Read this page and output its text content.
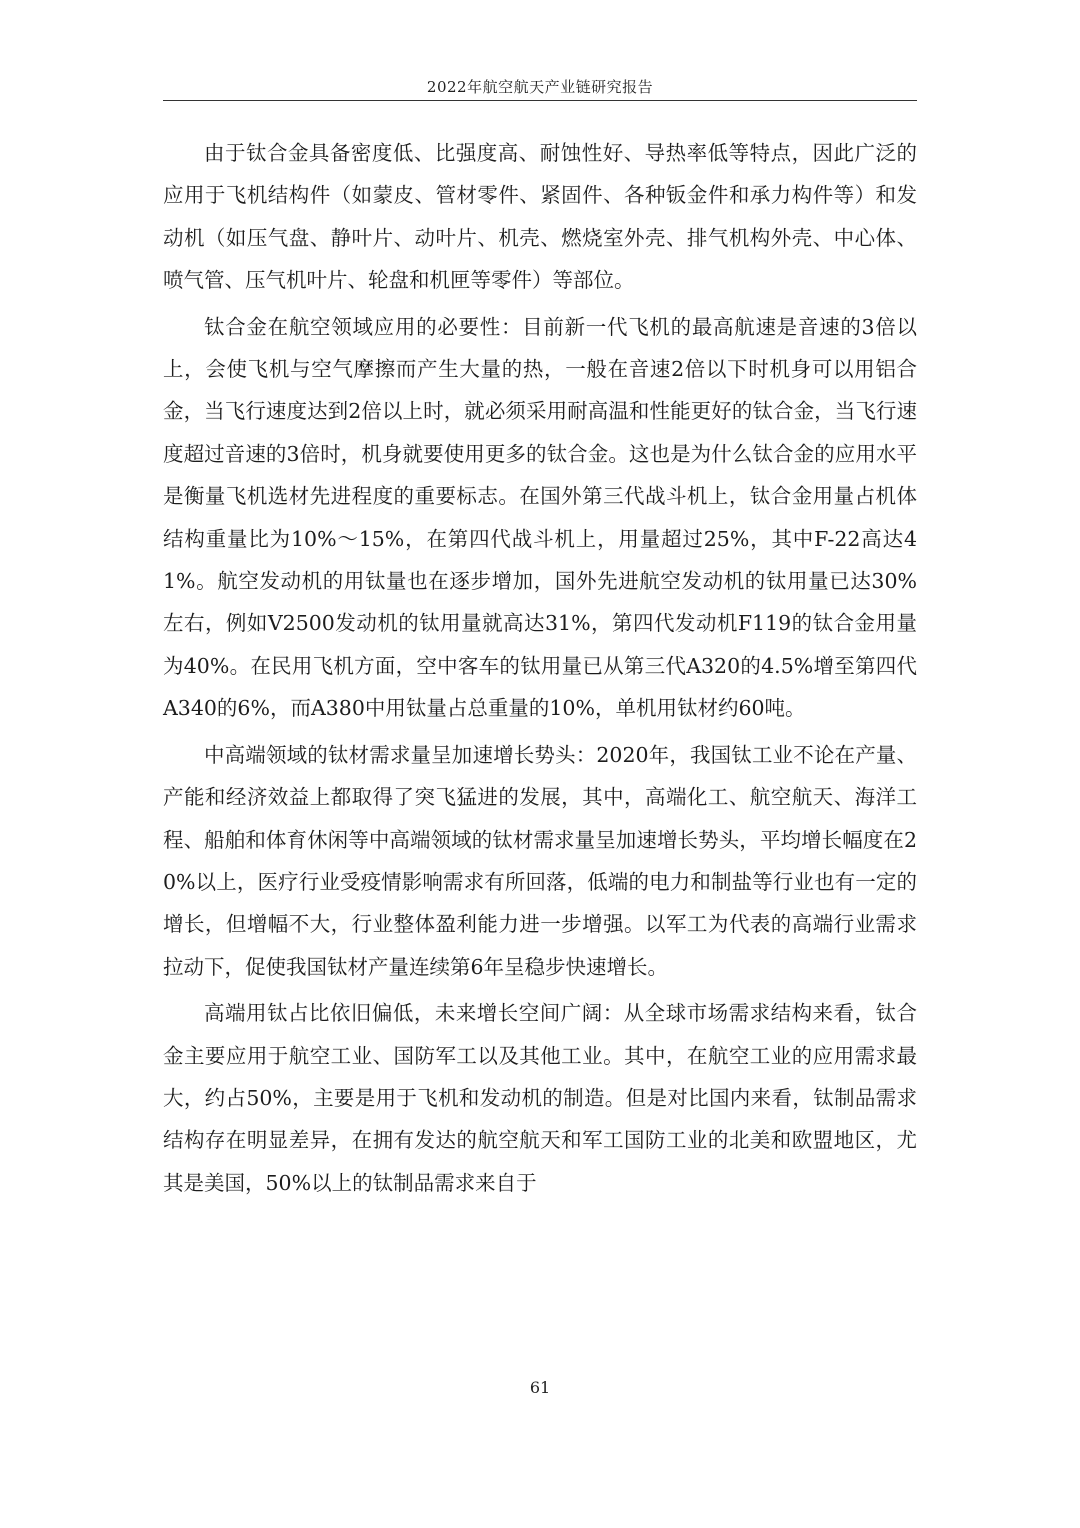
2022年航空航天产业链研究报告

由于钛合金具备密度低、比强度高、耐蚀性好、导热率低等特点，因此广泛的应用于飞机结构件（如蒙皮、管材零件、紧固件、各种钣金件和承力构件等）和发动机（如压气盘、静叶片、动叶片、机壳、燃烧室外壳、排气机构外壳、中心体、喷气管、压气机叶片、轮盘和机匣等零件）等部位。

钛合金在航空领域应用的必要性：目前新一代飞机的最高航速是音速的3倍以上，会使飞机与空气摩擦而产生大量的热，一般在音速2倍以下时机身可以用铝合金，当飞行速度达到2倍以上时，就必须采用耐高温和性能更好的钛合金，当飞行速度超过音速的3倍时，机身就要使用更多的钛合金。这也是为什么钛合金的应用水平是衡量飞机选材先进程度的重要标志。在国外第三代战斗机上，钛合金用量占机体结构重量比为10%～15%，在第四代战斗机上，用量超过25%，其中F-22高达41%。航空发动机的用钛量也在逐步增加，国外先进航空发动机的钛用量已达30%左右，例如V2500发动机的钛用量就高达31%，第四代发动机F119的钛合金用量为40%。在民用飞机方面，空中客车的钛用量已从第三代A320的4.5%增至第四代A340的6%，而A380中用钛量占总重量的10%，单机用钛材约60吨。

中高端领域的钛材需求量呈加速增长势头：2020年，我国钛工业不论在产量、产能和经济效益上都取得了突飞猛进的发展，其中，高端化工、航空航天、海洋工程、船舶和体育休闲等中高端领域的钛材需求量呈加速增长势头，平均增长幅度在20%以上，医疗行业受疫情影响需求有所回落，低端的电力和制盐等行业也有一定的增长，但增幅不大，行业整体盈利能力进一步增强。以军工为代表的高端行业需求拉动下，促使我国钛材产量连续第6年呈稳步快速增长。

高端用钛占比依旧偏低，未来增长空间广阔：从全球市场需求结构来看，钛合金主要应用于航空工业、国防军工以及其他工业。其中，在航空工业的应用需求最大，约占50%，主要是用于飞机和发动机的制造。但是对比国内来看，钛制品需求结构存在明显差异，在拥有发达的航空航天和军工国防工业的北美和欧盟地区，尤其是美国，50%以上的钛制品需求来自于

61
